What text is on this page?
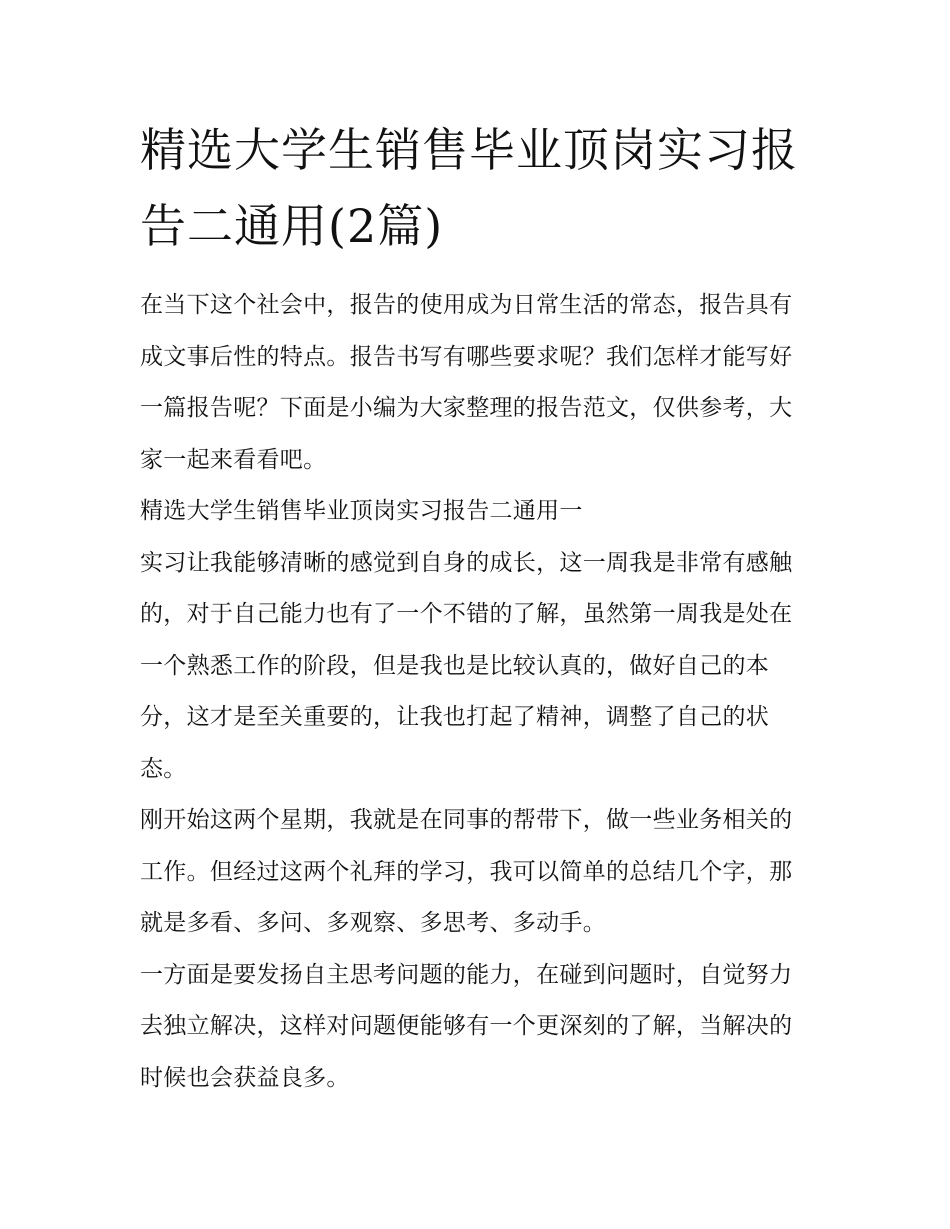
精选大学生销售毕业顶岗实习报告二通用(2篇)

在当下这个社会中，报告的使用成为日常生活的常态，报告具有成文事后性的特点。报告书写有哪些要求呢？我们怎样才能写好一篇报告呢？下面是小编为大家整理的报告范文，仅供参考，大家一起来看看吧。

精选大学生销售毕业顶岗实习报告二通用一

实习让我能够清晰的感觉到自身的成长，这一周我是非常有感触的，对于自己能力也有了一个不错的了解，虽然第一周我是处在一个熟悉工作的阶段，但是我也是比较认真的，做好自己的本分，这才是至关重要的，让我也打起了精神，调整了自己的状态。

刚开始这两个星期，我就是在同事的帮带下，做一些业务相关的工作。但经过这两个礼拜的学习，我可以简单的总结几个字，那就是多看、多问、多观察、多思考、多动手。

一方面是要发扬自主思考问题的能力，在碰到问题时，自觉努力去独立解决，这样对问题便能够有一个更深刻的了解，当解决的时候也会获益良多。
